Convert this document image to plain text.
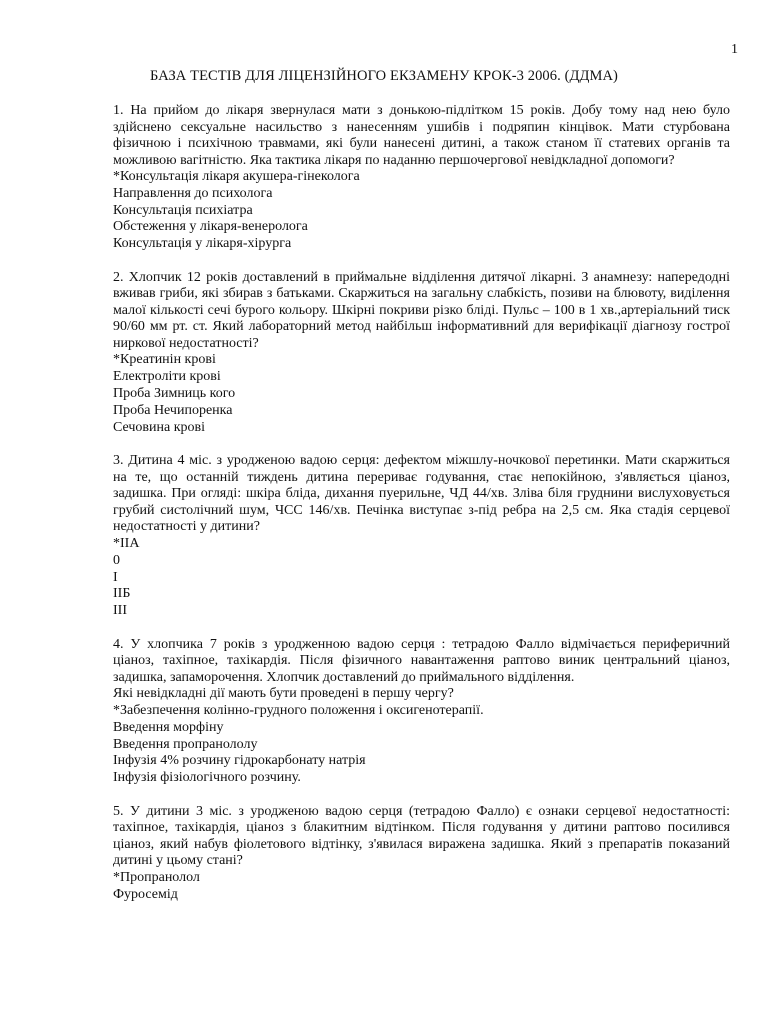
1
БАЗА ТЕСТІВ ДЛЯ ЛІЦЕНЗІЙНОГО ЕКЗАМЕНУ КРОК-3 2006. (ДДМА)

1. На прийом до лікаря звернулася мати з донькою-підлітком 15 років. Добу тому над нею було здійснено сексуальне насильство з нанесенням ушибів і подряпин кінцівок. Мати стурбована фізичною і психічною травмами, які були нанесені дитині, а також станом її статевих органів та можливою вагітністю. Яка тактика лікаря по наданню першочергової невідкладної допомоги?

*Консультація лікаря акушера-гінеколога
Направлення до психолога
Консультація психіатра
Обстеження у лікаря-венеролога
Консультація у лікаря-хірурга

2. Хлопчик 12 років доставлений в приймальне відділення дитячої лікарні. З анамнезу: напередодні вживав гриби, які збирав з батьками. Скаржиться на загальну слабкість, позиви на блювоту, виділення малої кількості сечі бурого кольору. Шкірні покриви різко бліді. Пульс – 100 в 1 хв.,артеріальний тиск 90/60 мм рт. ст. Який лабораторний метод найбільш інформативний для верифікації діагнозу гострої ниркової недостатності?

*Креатинін крові
Електроліти крові
Проба Зимниць кого
Проба Нечипоренка
Сечовина крові

3. Дитина 4 міс. з уродженою вадою серця: дефектом міжшлу-ночкової перетинки. Мати скаржиться на те, що останній тиждень дитина перериває годування, стає непокійною, з'являється ціаноз, задишка. При огляді: шкіра бліда, дихання пуерильне, ЧД 44/хв. Зліва біля груднини вислуховується грубий систолічний шум, ЧСС 146/хв. Печінка виступає з-під ребра на 2,5 см. Яка стадія серцевої недостатності у дитини?

*ІІА
0
І
ІІБ
ІІІ

4. У хлопчика 7 років з уродженною вадою серця : тетрадою Фалло відмічається периферичний ціаноз, тахіпное, тахікардія. Після фізичного навантаження раптово виник центральний ціаноз, задишка, запаморочення. Хлопчик доставлений до приймального відділення.

Які невідкладні дії мають бути проведені в першу чергу?

*Забезпечення колінно-грудного положення і оксигенотерапії.
Введення морфіну
Введення пропранололу
Інфузія 4% розчину гідрокарбонату натрія
Інфузія фізіологічного розчину.

5. У дитини 3 міс. з уродженою вадою серця (тетрадою Фалло) є ознаки серцевої недостатності: тахіпное, тахікардія, ціаноз з блакитним відтінком. Після годування у дитини раптово посилився ціаноз, який набув фіолетового відтінку, з'явилася виражена задишка. Який з препаратів показаний дитині у цьому стані?

*Пропранолол
Фуросемід
